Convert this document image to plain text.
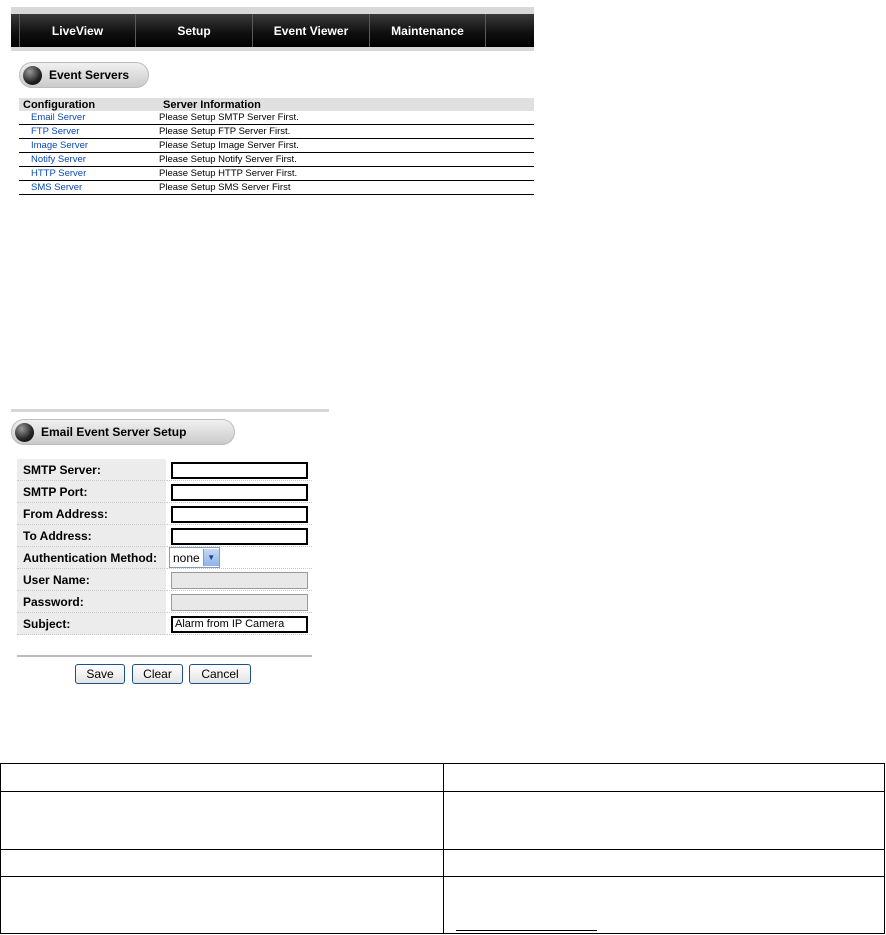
LiveView	Setup	Event Viewer	Maintenance
Event Servers
Configuration	Server Information
Email Server	Please Setup SMTP Server First.
FTP Server	Please Setup FTP Server First.
Image Server	Please Setup Image Server First.
Notify Server	Please Setup Notify Server First.
HTTP Server	Please Setup HTTP Server First.
SMS Server	Please Setup SMS Server First
Email Event Server Setup
SMTP Server:	
SMTP Port:	
From Address:	
To Address:	
Authentication Method:	none ▼

User Name:	
Password:	
Subject:	Alarm from IP Camera
Save	Clear	Cancel
